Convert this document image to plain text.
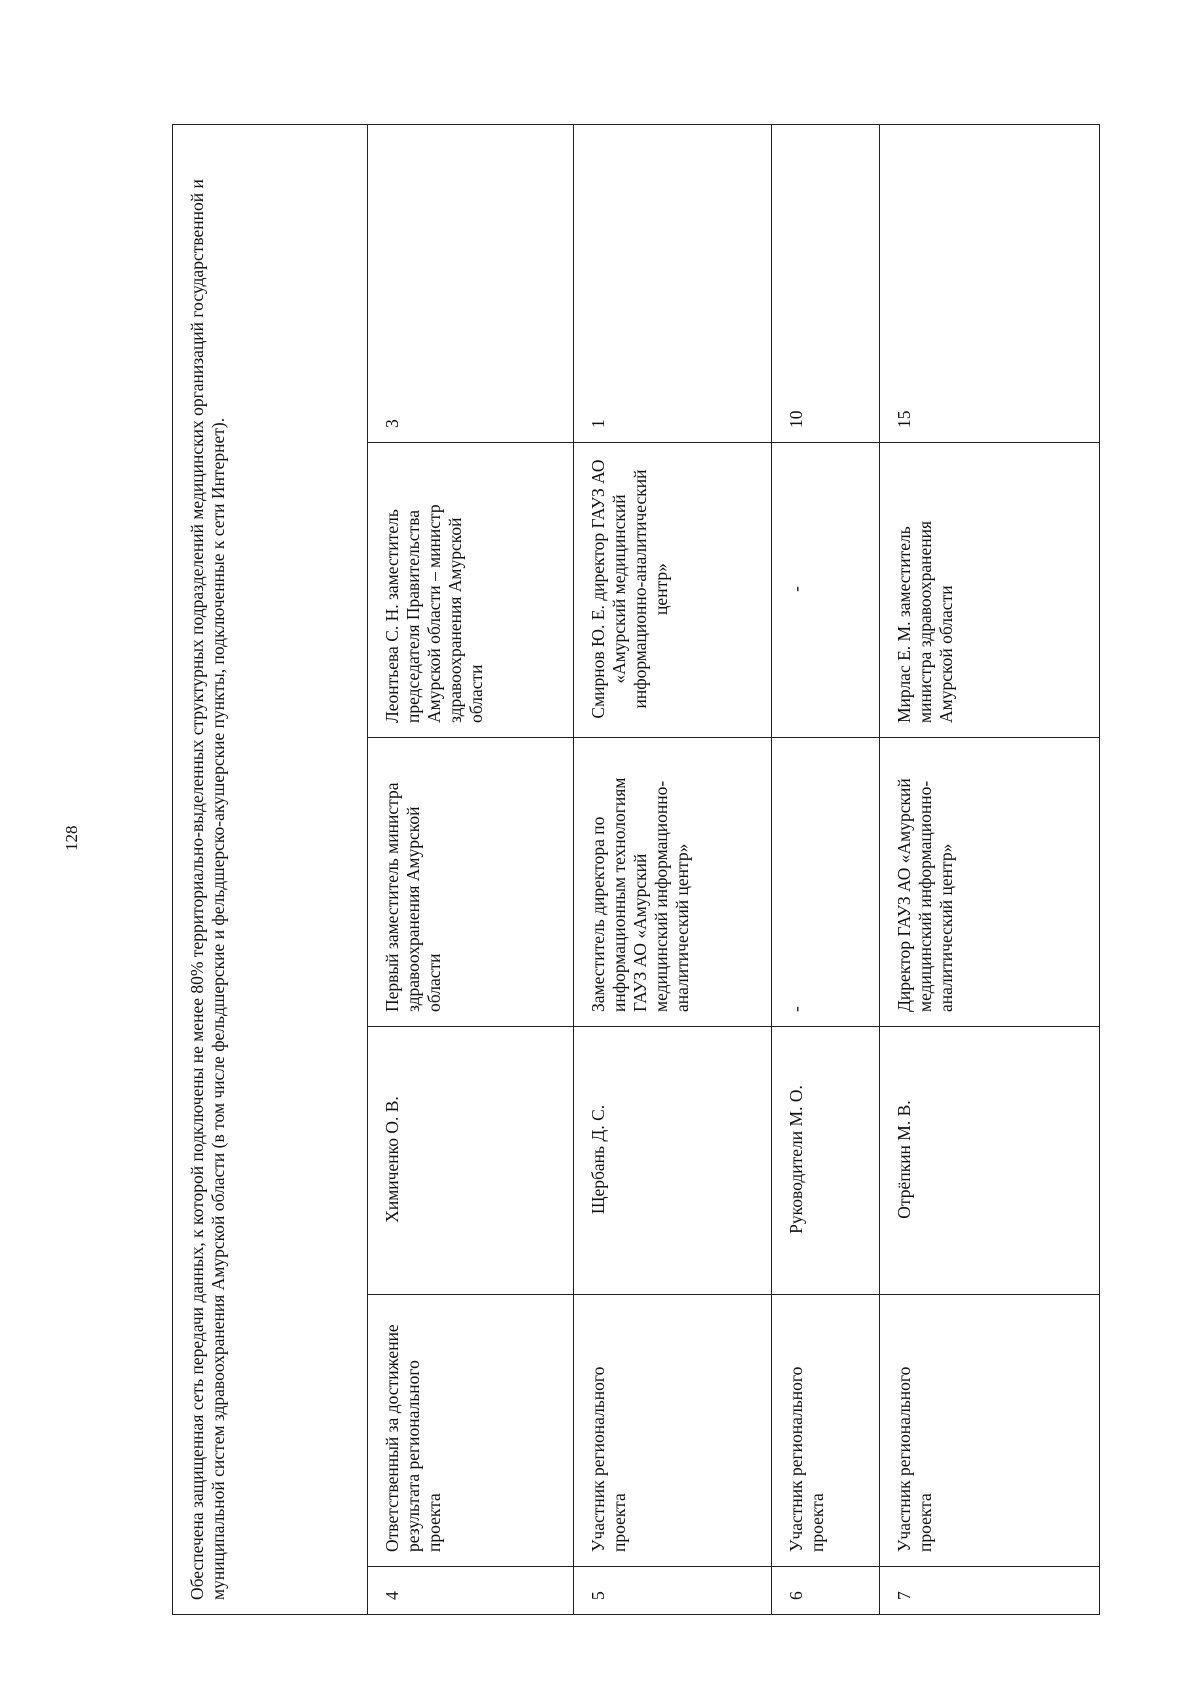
128	Обеспечена защищенная сеть передачи данных, к которой подключены не менее 80% территориально-выделенных структурных подразделений медицинских организаций государственной и муниципальной систем здравоохранения Амурской области (в том числе фельдшерские и фельдшерско-акушерские пункты, подключенные к сети Интернет).					
4	Ответственный за достижение результата регионального проекта	Химиченко О. В.	Первый заместитель министра здравоохранения Амурской области	Леонтьева С. Н. заместитель председателя Правительства Амурской области – министр здравоохранения Амурской области	3
5	Участник регионального проекта	Щербань Д. С.	Заместитель директора по информационным технологиям ГАУЗ АО «Амурский медицинский информационно-аналитический центр»	Смирнов Ю. Е. директор ГАУЗ АО «Амурский медицинский информационно-аналитический центр»	1
6	Участник регионального проекта	Руководители М. О.	-	-	10
7	Участник регионального проекта	Отрёпкин М. В.	Директор ГАУЗ АО «Амурский медицинский информационно-аналитический центр»	Мирлас Е. М. заместитель министра здравоохранения Амурской области	15
